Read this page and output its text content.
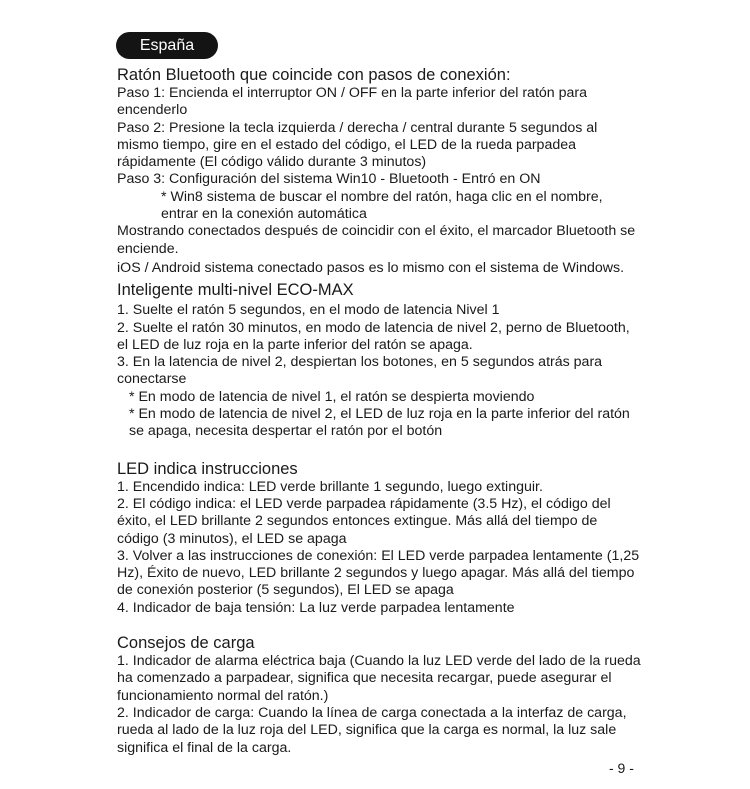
España
Ratón Bluetooth que coincide con pasos de conexión:

Paso 1: Encienda el interruptor ON / OFF en la parte inferior del ratón para encenderlo

Paso 2: Presione la tecla izquierda / derecha / central durante 5 segundos al mismo tiempo, gire en el estado del código, el LED de la rueda parpadea rápidamente (El código válido durante 3 minutos)

Paso 3: Configuración del sistema Win10 - Bluetooth - Entró en ON

* Win8 sistema de buscar el nombre del ratón, haga clic en el nombre, entrar en la conexión automática

Mostrando conectados después de coincidir con el éxito, el marcador Bluetooth se enciende.

iOS / Android sistema conectado pasos es lo mismo con el sistema de Windows.

Inteligente multi-nivel ECO-MAX

1. Suelte el ratón 5 segundos, en el modo de latencia Nivel 1

2. Suelte el ratón 30 minutos, en modo de latencia de nivel 2, perno de Bluetooth, el LED de luz roja en la parte inferior del ratón se apaga.

3. En la latencia de nivel 2, despiertan los botones, en 5 segundos atrás para conectarse

* En modo de latencia de nivel 1, el ratón se despierta moviendo

* En modo de latencia de nivel 2, el LED de luz roja en la parte inferior del ratón se apaga, necesita despertar el ratón por el botón

LED indica instrucciones

1. Encendido indica: LED verde brillante 1 segundo, luego extinguir.

2. El código indica: el LED verde parpadea rápidamente (3.5 Hz), el código del éxito, el LED brillante 2 segundos entonces extingue. Más allá del tiempo de código (3 minutos), el LED se apaga

3. Volver a las instrucciones de conexión: El LED verde parpadea lentamente (1,25 Hz), Éxito de nuevo, LED brillante 2 segundos y luego apagar. Más allá del tiempo de conexión posterior (5 segundos), El LED se apaga

4. Indicador de baja tensión: La luz verde parpadea lentamente

Consejos de carga

1. Indicador de alarma eléctrica baja (Cuando la luz LED verde del lado de la rueda ha comenzado a parpadear, significa que necesita recargar, puede asegurar el funcionamiento normal del ratón.)

2. Indicador de carga: Cuando la línea de carga conectada a la interfaz de carga, rueda al lado de la luz roja del LED, significa que la carga es normal, la luz sale significa el final de la carga.

- 9 -
